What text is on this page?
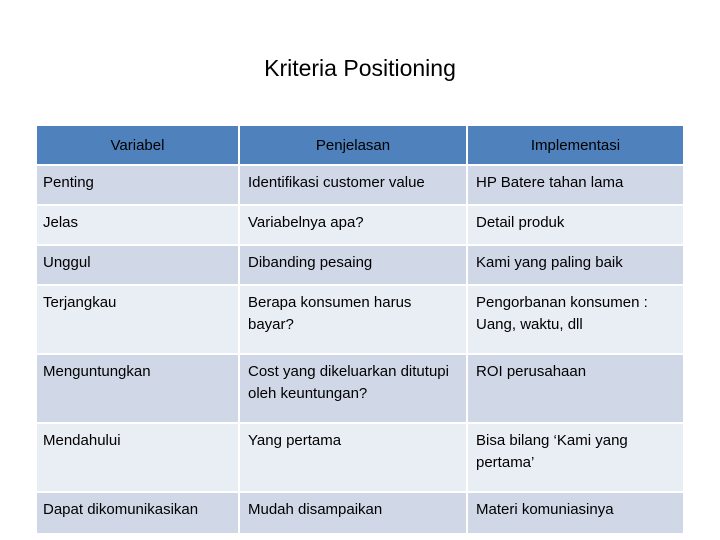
Kriteria Positioning
Variabel	Penjelasan	Implementasi
Penting	Identifikasi customer value	HP Batere tahan lama
Jelas	Variabelnya apa?	Detail produk
Unggul	Dibanding pesaing	Kami yang paling baik
Terjangkau	Berapa konsumen harus bayar?	Pengorbanan konsumen : Uang, waktu, dll
Menguntungkan	Cost yang dikeluarkan ditutupi oleh keuntungan?	ROI perusahaan
Mendahului	Yang pertama	Bisa bilang ‘Kami yang pertama’
Dapat dikomunikasikan	Mudah disampaikan	Materi komuniasinya
